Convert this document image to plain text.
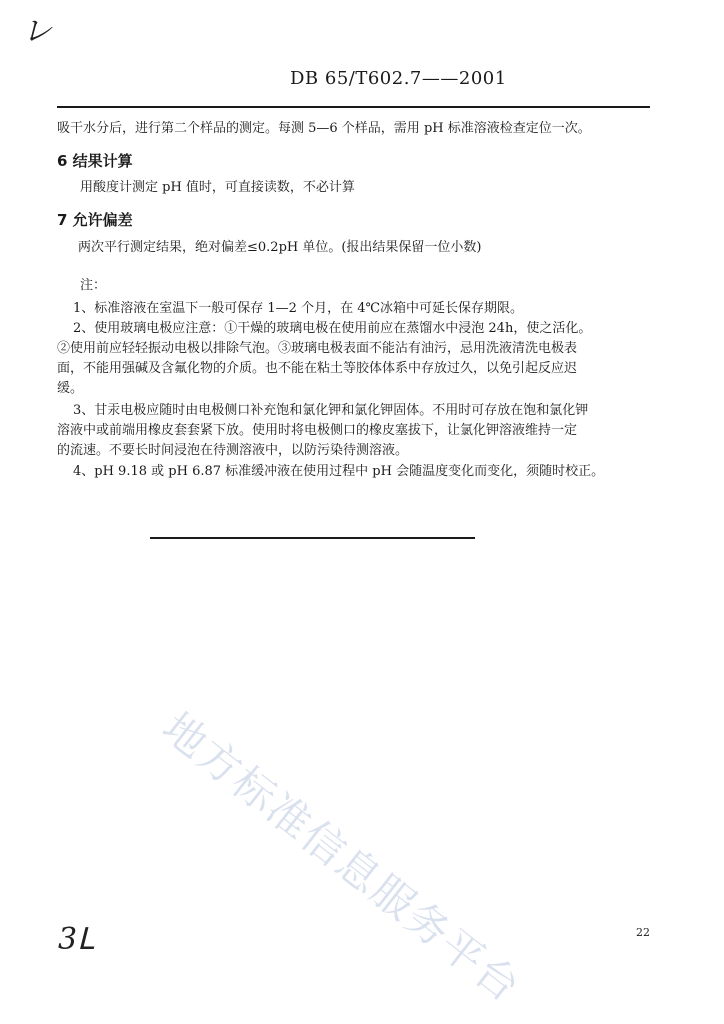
レ
DB 65/T602.7——2001
吸干水分后，进行第二个样品的测定。每测 5—6 个样品，需用 pH 标准溶液检查定位一次。
6 结果计算
用酸度计测定 pH 值时，可直接读数，不必计算
7 允许偏差
两次平行测定结果，绝对偏差≤0.2pH 单位。(报出结果保留一位小数)
注：
1、标准溶液在室温下一般可保存 1—2 个月，在 4℃冰箱中可延长保存期限。
2、使用玻璃电极应注意：①干燥的玻璃电极在使用前应在蒸馏水中浸泡 24h，使之活化。
②使用前应轻轻振动电极以排除气泡。③玻璃电极表面不能沾有油污，忌用洗液清洗电极表
面，不能用强碱及含氟化物的介质。也不能在粘土等胶体体系中存放过久，以免引起反应迟
缓。
3、甘汞电极应随时由电极侧口补充饱和氯化钾和氯化钾固体。不用时可存放在饱和氯化钾
溶液中或前端用橡皮套套紧下放。使用时将电极侧口的橡皮塞拔下，让氯化钾溶液维持一定
的流速。不要长时间浸泡在待测溶液中，以防污染待测溶液。
4、pH 9.18 或 pH 6.87 标准缓冲液在使用过程中 pH 会随温度变化而变化，须随时校正。
地方标准信息服务平台
3ᒪ	22
